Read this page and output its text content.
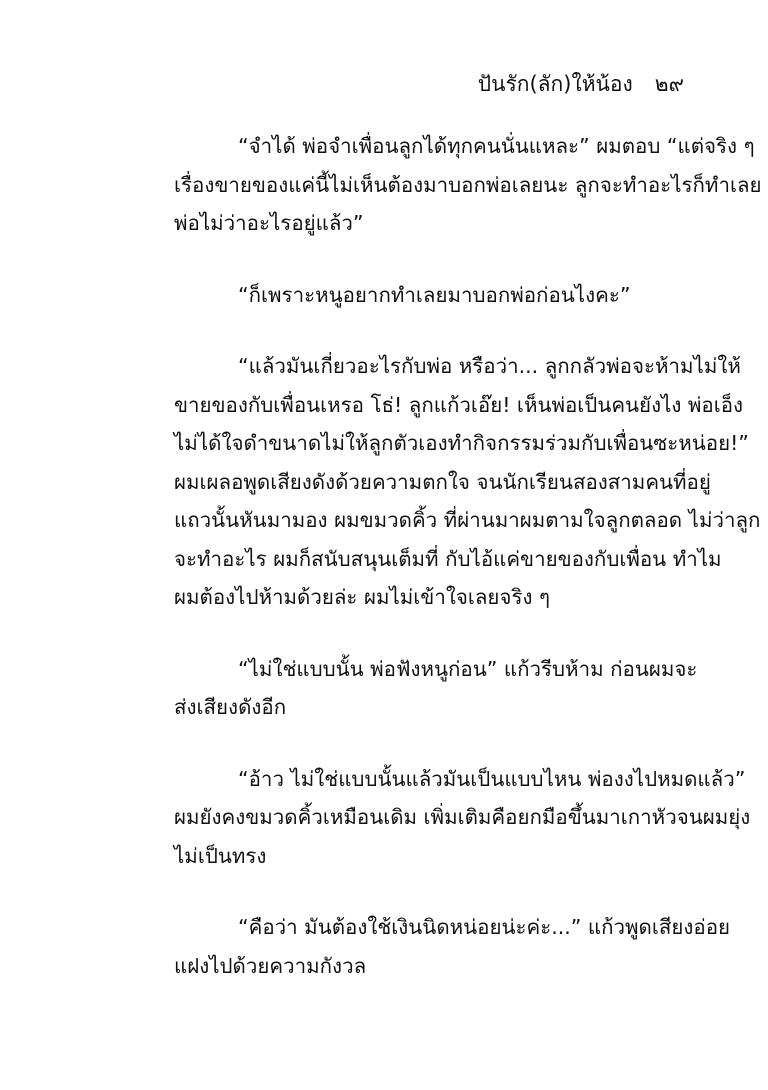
ปันรัก(ลัก)ให้น้อง ๒๙
“จำได้ พ่อจำเพื่อนลูกได้ทุกคนนั่นแหละ” ผมตอบ “แต่จริง ๆ
เรื่องขายของแค่นี้ไม่เห็นต้องมาบอกพ่อเลยนะ ลูกจะทำอะไรก็ทำเลย
พ่อไม่ว่าอะไรอยู่แล้ว”
“ก็เพราะหนูอยากทำเลยมาบอกพ่อก่อนไงคะ”
“แล้วมันเกี่ยวอะไรกับพ่อ หรือว่า... ลูกกลัวพ่อจะห้ามไม่ให้
ขายของกับเพื่อนเหรอ โธ่! ลูกแก้วเอ๊ย! เห็นพ่อเป็นคนยังไง พ่อเอ็ง
ไม่ได้ใจดำขนาดไม่ให้ลูกตัวเองทำกิจกรรมร่วมกับเพื่อนซะหน่อย!”
ผมเผลอพูดเสียงดังด้วยความตกใจ จนนักเรียนสองสามคนที่อยู่
แถวนั้นหันมามอง ผมขมวดคิ้ว ที่ผ่านมาผมตามใจลูกตลอด ไม่ว่าลูก
จะทำอะไร ผมก็สนับสนุนเต็มที่ กับไอ้แค่ขายของกับเพื่อน ทำไม
ผมต้องไปห้ามด้วยล่ะ ผมไม่เข้าใจเลยจริง ๆ
“ไม่ใช่แบบนั้น พ่อฟังหนูก่อน” แก้วรีบห้าม ก่อนผมจะ
ส่งเสียงดังอีก
“อ้าว ไม่ใช่แบบนั้นแล้วมันเป็นแบบไหน พ่องงไปหมดแล้ว”
ผมยังคงขมวดคิ้วเหมือนเดิม เพิ่มเติมคือยกมือขึ้นมาเกาหัวจนผมยุ่ง
ไม่เป็นทรง
“คือว่า มันต้องใช้เงินนิดหน่อยน่ะค่ะ...” แก้วพูดเสียงอ่อย
แฝงไปด้วยความกังวล
